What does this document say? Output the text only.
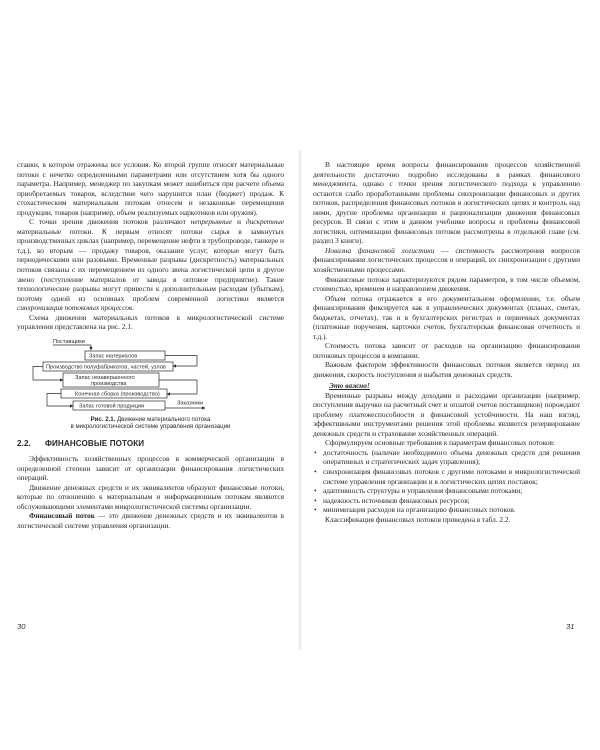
ставки, в котором отражены все условия. Ко второй группе относят материальные потоки с нечетко определенными параметрами или отсутствием хотя бы одного параметра. Например, менеджер по закупкам может ошибиться при расчете объема приобретаемых товаров, вследствие чего нарушится план (бюджет) продаж. К стохастическим материальным потокам отнесем и незаконные перемещения продукции, товаров (например, объем реализуемых наркотиков или оружия).

С точки зрения движения потоков различают непрерывные и дискретные материальные потоки. К первым относят потоки сырья в замкнутых производственных циклах (например, перемещение нефти в трубопроводе, танкере и т.д.), ко вторым — продажу товаров, оказание услуг, которые могут быть периодическими или разовыми. Временные разрывы (дискретность) материальных потоков связаны с их перемещением из одного звена логистической цепи в другое звено (поступление материалов от завода в оптовое предприятие). Такие технологические разрывы могут привести к дополнительным расходам (убыткам), поэтому одной из основных проблем современной логистики является синхронизация потоковых процессов.

Схема движения материальных потоков в микрологистической системе управления представлена на рис. 2.1.

Поставщики
Запас материалов
Производство полуфабрикатов, частей, узлов
Запас незавершенного
производства
Конечная сборка (производство)
Запас готовой продукции	Заказчики
Рис. 2.1. Движение материального потока
в микрологистической системе управления организации
2.2. ФИНАНСОВЫЕ ПОТОКИ

Эффективность хозяйственных процессов в коммерческой организации в определенной степени зависит от организации финансирования логистических операций.

Движение денежных средств и их эквивалентов образуют финансовые потоки, которые по отношению к материальным и информационным потокам являются обслуживающими элементами микрологистической системы организации.

Финансовый поток — это движение денежных средств и их эквивалентов в логистической системе управления организации.

30

В настоящее время вопросы финансирования процессов хозяйственной деятельности достаточно подробно исследованы в рамках финансового менеджмента, однако с точки зрения логистического подхода к управлению остаются слабо проработанными проблемы синхронизации финансовых и других потоков, распределения финансовых потоков в логистических цепях и контроль над ними, другие проблемы организации и рационализации движения финансовых ресурсов. В связи с этим в данном учебнике вопросы и проблемы финансовой логистики, оптимизации финансовых потоков рассмотрены в отдельной главе (см. раздел 3 книги).

Новизна финансовой логистики — системность рассмотрения вопросов финансирования логистических процессов и операций, их синхронизации с другими хозяйственными процессами.

Финансовые потоки характеризуются рядом параметров, в том числе объемом, стоимостью, временем и направлением движения.

Объем потока отражается в его документальном оформлении, т.е. объем финансирования фиксируется как в управленческих документах (планах, сметах, бюджетах, отчетах), так и в бухгалтерских регистрах и первичных документах (платежные поручения, карточки счетов, бухгалтерская финансовая отчетность и т.д.).

Стоимость потока зависит от расходов на организацию финансирования потоковых процессов в компании.

Важным фактором эффективности финансовых потоков является период их движения, скорость поступления и выбытия денежных средств.

Это важно!

Временные разрывы между доходами и расходами организации (например, поступления выручки на расчетный счет и оплатой счетов поставщиков) порождают проблему платежеспособности и финансовой устойчивости. На наш взгляд, эффективными инструментами решения этой проблемы являются резервирование денежных средств и страхование хозяйственных операций.

Сформулируем основные требования к параметрам финансовых потоков:

• достаточность (наличие необходимого объема денежных средств для решения оперативных и стратегических задач управления);
• синхронизация финансовых потоков с другими потоками в микрологистической системе управления организации и в логистических цепях поставок;
• адаптивность структуры и управления финансовыми потоками;
• надежность источников финансовых ресурсов;
• минимизация расходов на организацию финансовых потоков.

Классификация финансовых потоков приведена в табл. 2.2.

31
